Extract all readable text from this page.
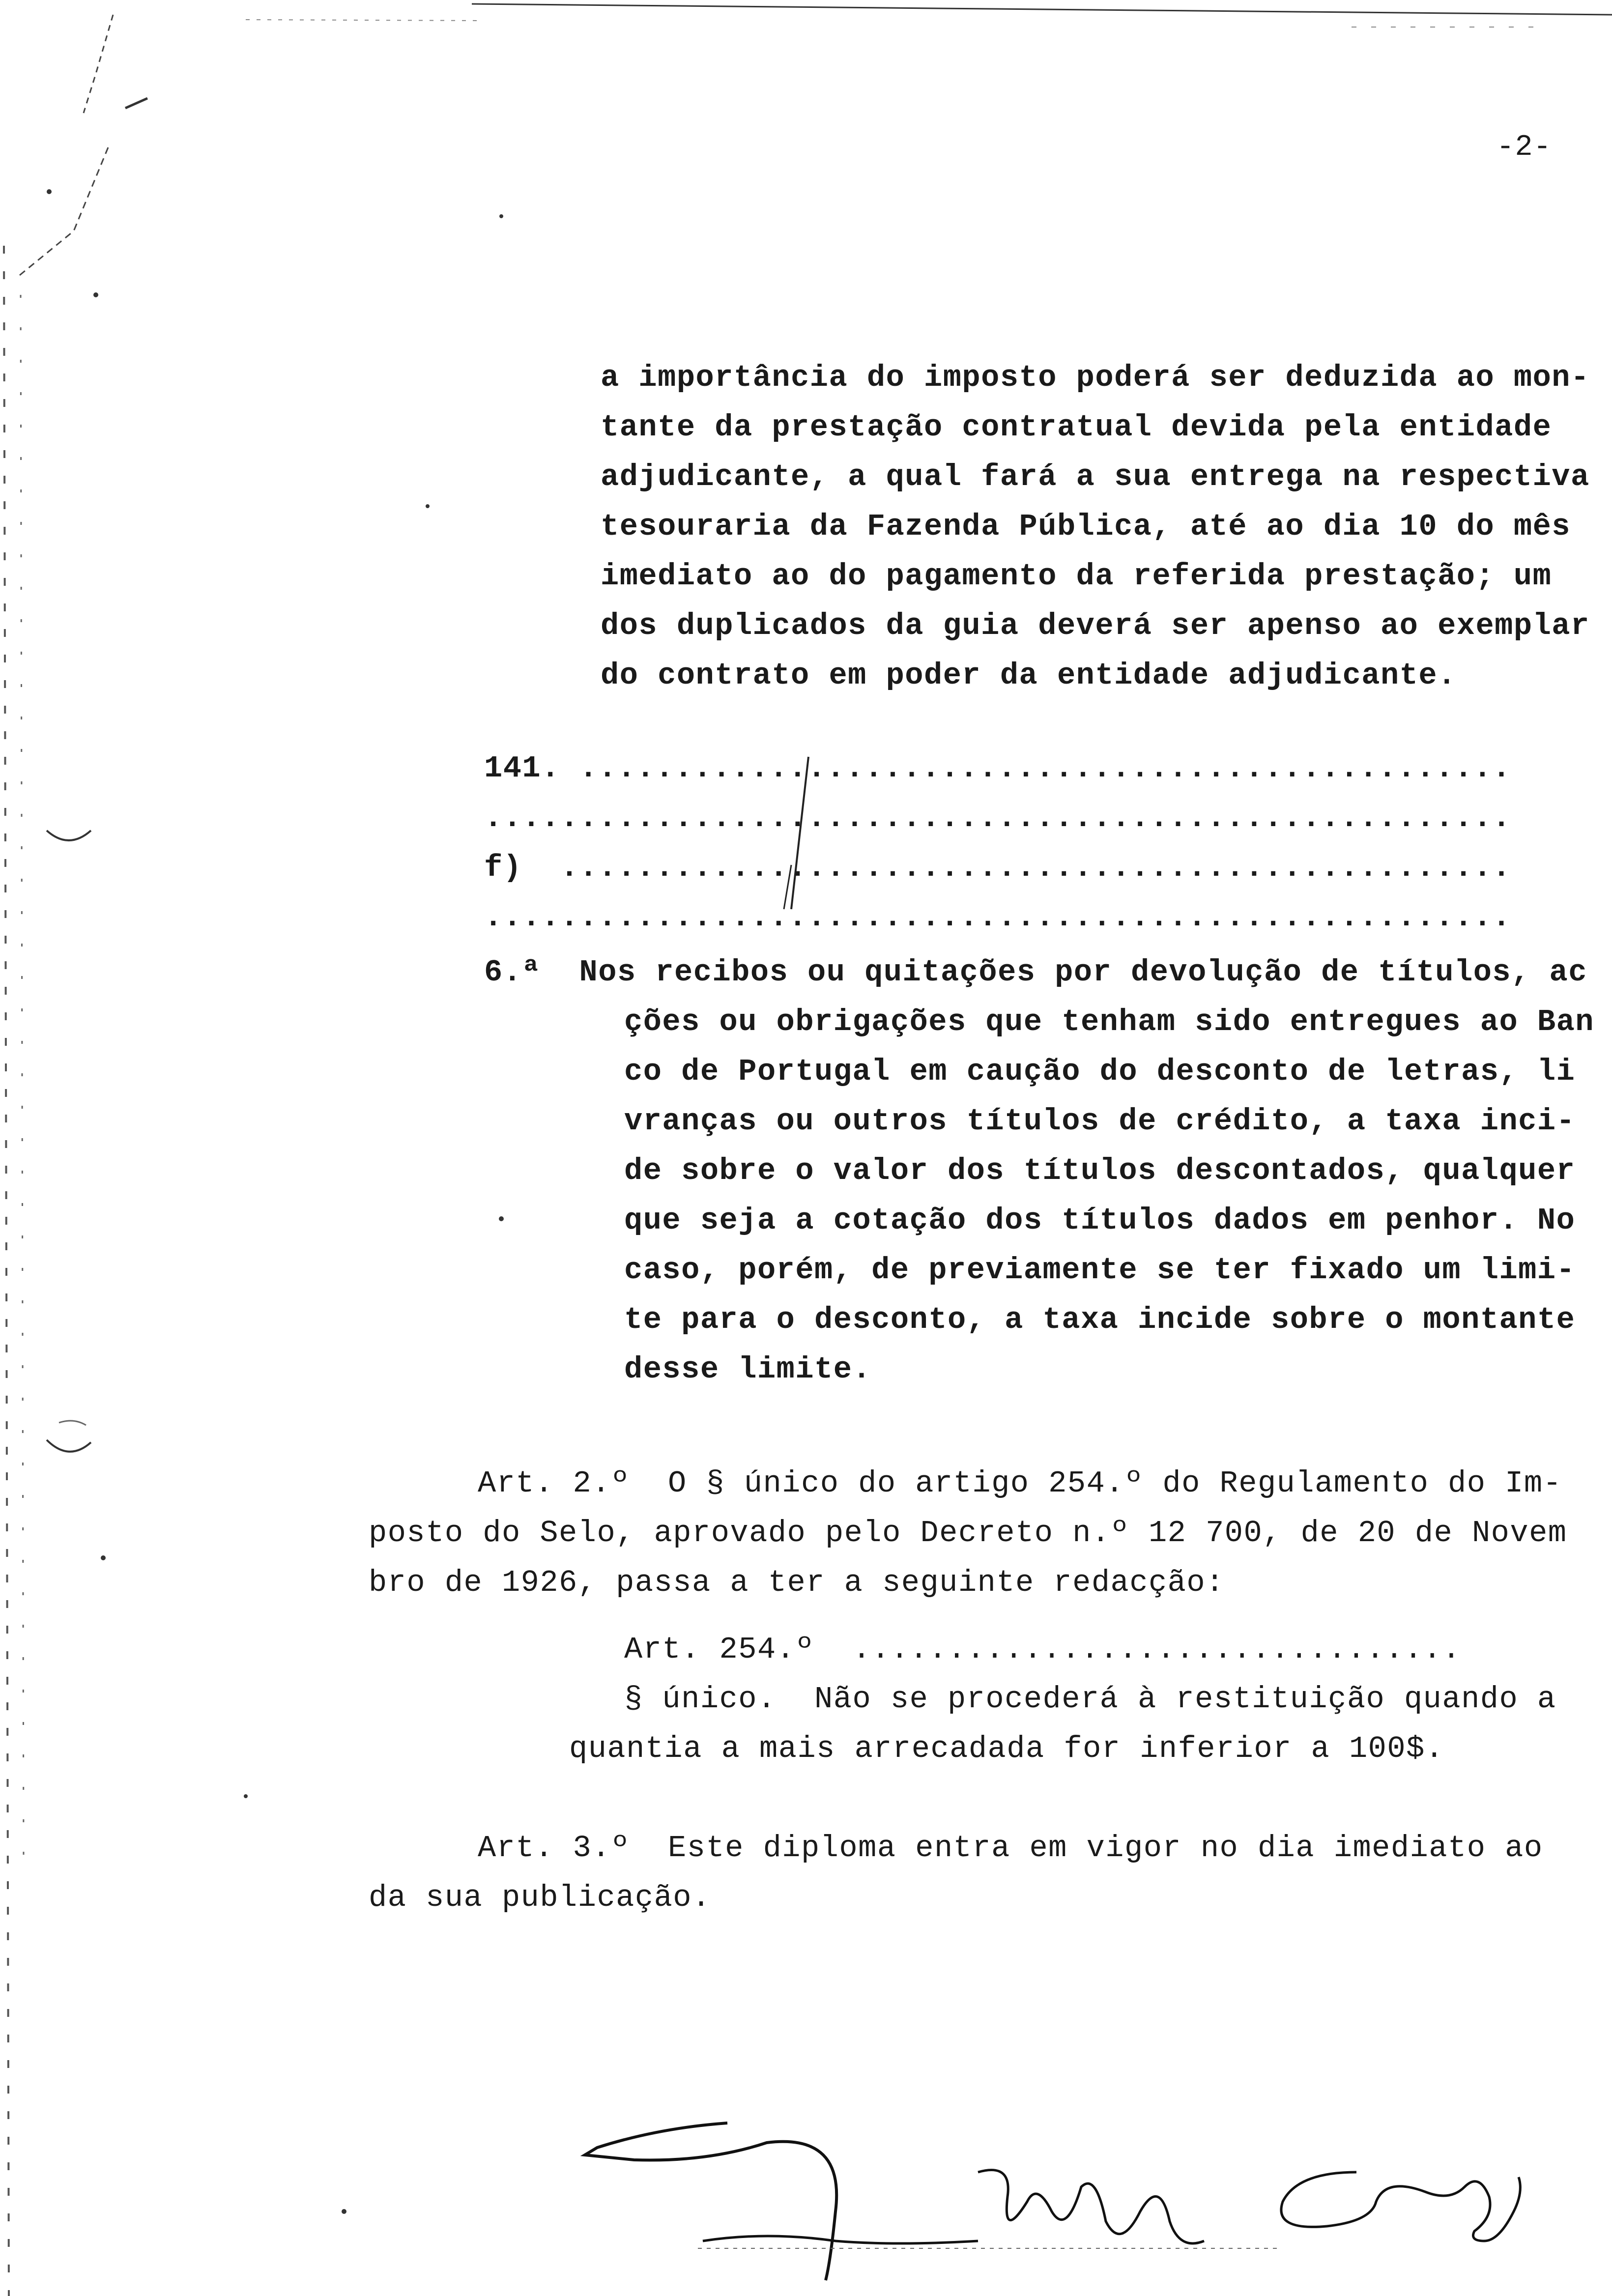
-2-
a importância do imposto poderá ser deduzida ao mon-
tante da prestação contratual devida pela entidade
adjudicante, a qual fará a sua entrega na respectiva
tesouraria da Fazenda Pública, até ao dia 10 do mês
imediato ao do pagamento da referida prestação; um
dos duplicados da guia deverá ser apenso ao exemplar
do contrato em poder da entidade adjudicante.
141. .................................................
......................................................
f)  ..................................................
......................................................
6.ª  Nos recibos ou quitações por devolução de títulos, ac
ções ou obrigações que tenham sido entregues ao Ban
co de Portugal em caução do desconto de letras, li
vranças ou outros títulos de crédito, a taxa inci-
de sobre o valor dos títulos descontados, qualquer
que seja a cotação dos títulos dados em penhor. No
caso, porém, de previamente se ter fixado um limi-
te para o desconto, a taxa incide sobre o montante
desse limite.
Art. 2.º  O § único do artigo 254.º do Regulamento do Im-
posto do Selo, aprovado pelo Decreto n.º 12 700, de 20 de Novem
bro de 1926, passa a ter a seguinte redacção:
Art. 254.º  ................................
§ único.  Não se procederá à restituição quando a
quantia a mais arrecadada for inferior a 100$.
Art. 3.º  Este diploma entra em vigor no dia imediato ao
da sua publicação.
